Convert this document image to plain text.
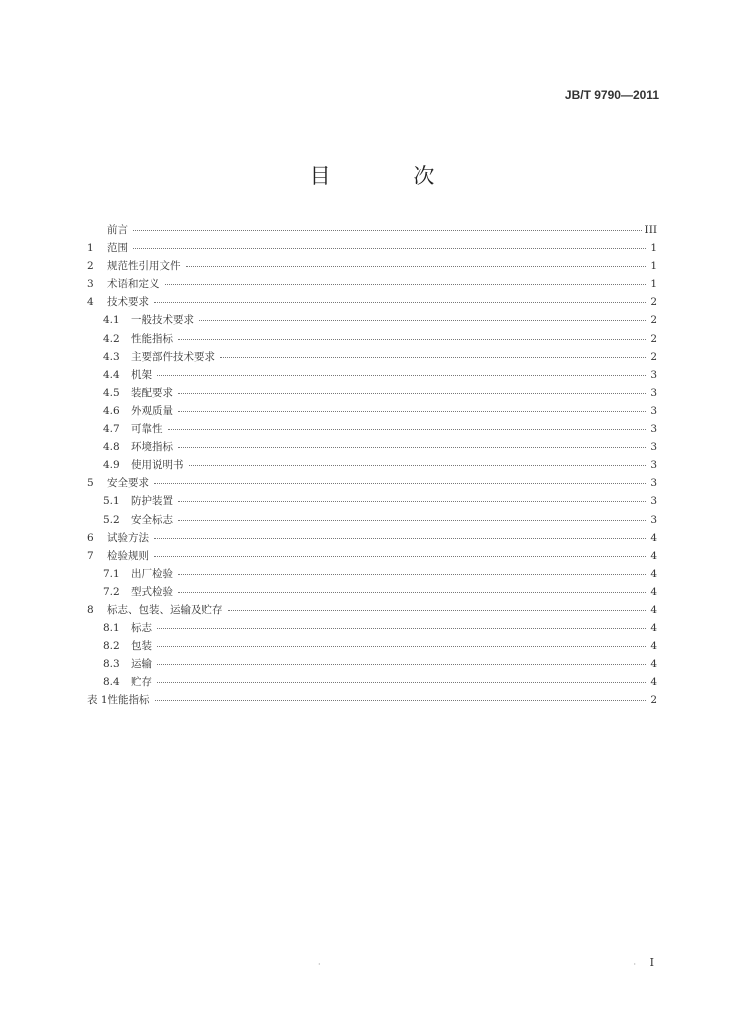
JB/T 9790—2011
目 次
前言	III
1	范围	1
2	规范性引用文件	1
3	术语和定义	1
4	技术要求	2
4.1	一般技术要求	2
4.2	性能指标	2
4.3	主要部件技术要求	2
4.4	机架	3
4.5	装配要求	3
4.6	外观质量	3
4.7	可靠性	3
4.8	环境指标	3
4.9	使用说明书	3
5	安全要求	3
5.1	防护装置	3
5.2	安全标志	3
6	试验方法	4
7	检验规则	4
7.1	出厂检验	4
7.2	型式检验	4
8	标志、包装、运输及贮存	4
8.1	标志	4
8.2	包装	4
8.3	运输	4
8.4	贮存	4
表 1 性能指标	2
·	· I
